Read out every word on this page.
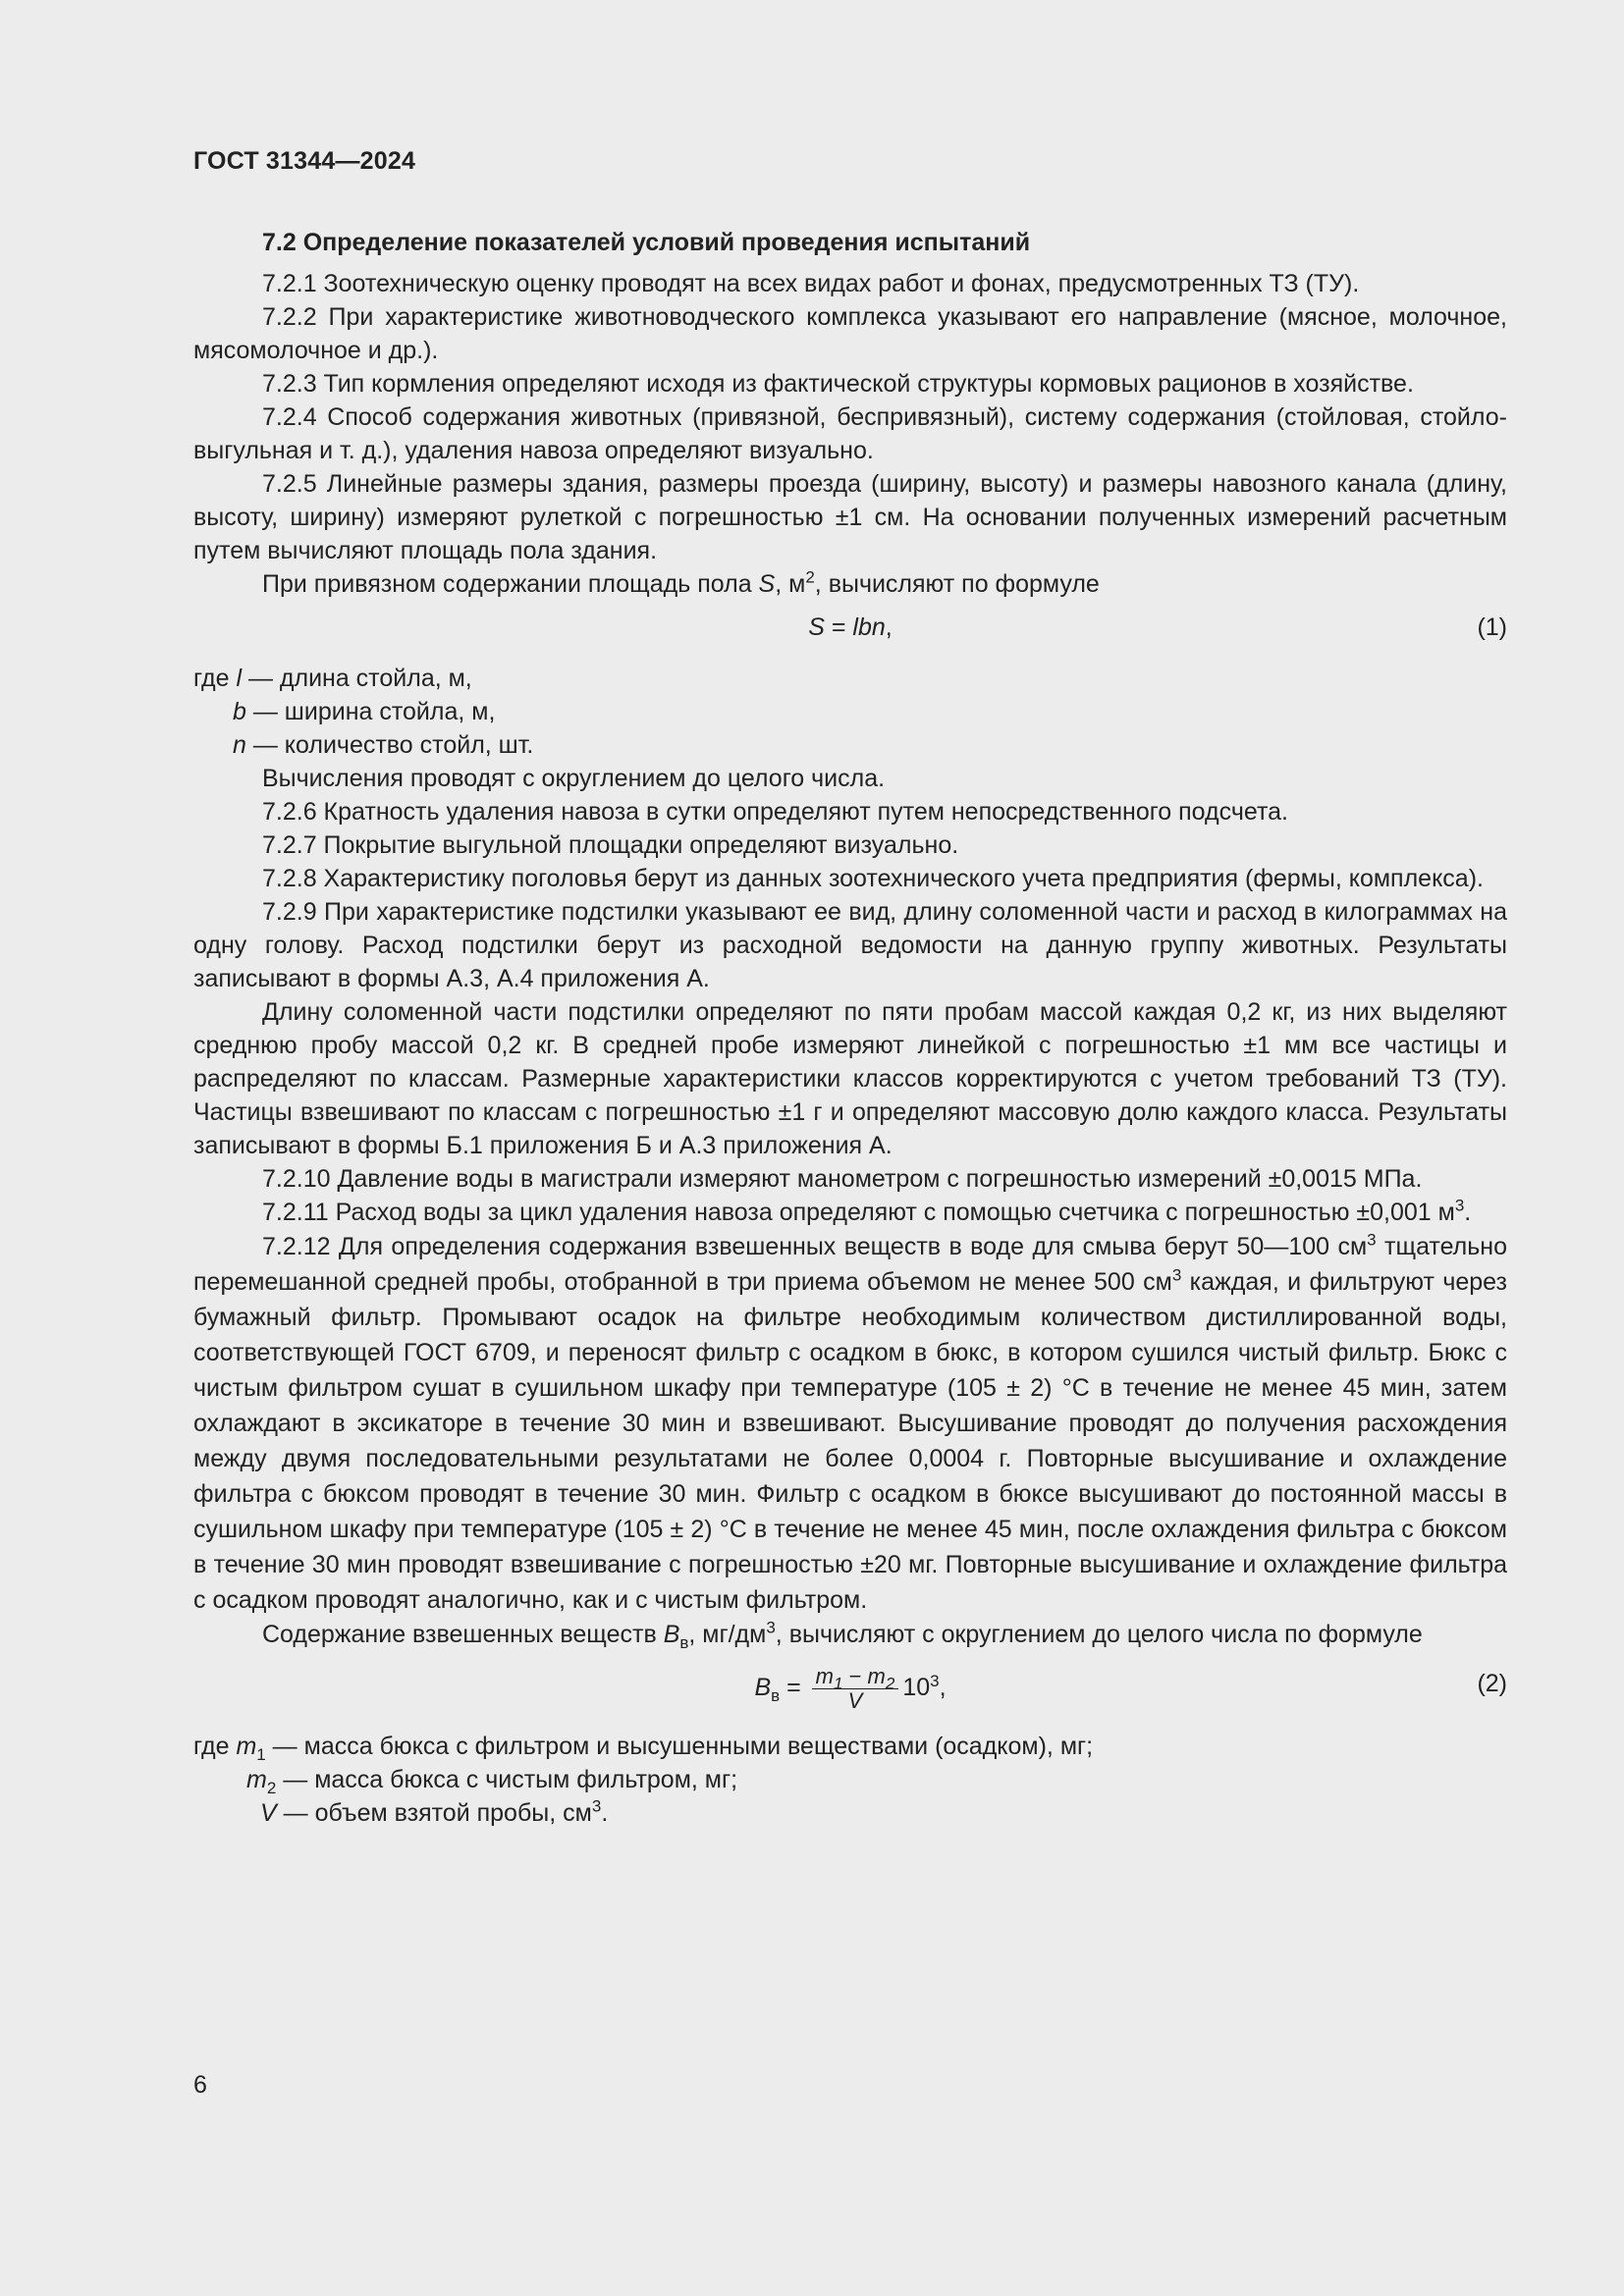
ГОСТ 31344—2024
7.2 Определение показателей условий проведения испытаний

7.2.1 Зоотехническую оценку проводят на всех видах работ и фонах, предусмотренных ТЗ (ТУ).

7.2.2 При характеристике животноводческого комплекса указывают его направление (мясное, молочное, мясомолочное и др.).

7.2.3 Тип кормления определяют исходя из фактической структуры кормовых рационов в хозяйстве.

7.2.4 Способ содержания животных (привязной, беспривязный), систему содержания (стойловая, стойло-выгульная и т. д.), удаления навоза определяют визуально.

7.2.5 Линейные размеры здания, размеры проезда (ширину, высоту) и размеры навозного канала (длину, высоту, ширину) измеряют рулеткой с погрешностью ±1 см. На основании полученных измерений расчетным путем вычисляют площадь пола здания.

При привязном содержании площадь пола S, $м^2$, вычисляют по формуле

S = lbn,	(1)
где l — длина стойла, м,
b — ширина стойла, м,
n — количество стойл, шт.

Вычисления проводят с округлением до целого числа.

7.2.6 Кратность удаления навоза в сутки определяют путем непосредственного подсчета.

7.2.7 Покрытие выгульной площадки определяют визуально.

7.2.8 Характеристику поголовья берут из данных зоотехнического учета предприятия (фермы, комплекса).

7.2.9 При характеристике подстилки указывают ее вид, длину соломенной части и расход в килограммах на одну голову. Расход подстилки берут из расходной ведомости на данную группу животных. Результаты записывают в формы А.3, А.4 приложения А.

Длину соломенной части подстилки определяют по пяти пробам массой каждая 0,2 кг, из них выделяют среднюю пробу массой 0,2 кг. В средней пробе измеряют линейкой с погрешностью ±1 мм все частицы и распределяют по классам. Размерные характеристики классов корректируются с учетом требований ТЗ (ТУ). Частицы взвешивают по классам с погрешностью ±1 г и определяют массовую долю каждого класса. Результаты записывают в формы Б.1 приложения Б и А.3 приложения А.

7.2.10 Давление воды в магистрали измеряют манометром с погрешностью измерений ±0,0015 МПа.

7.2.11 Расход воды за цикл удаления навоза определяют с помощью счетчика с погрешностью ±0,001 $м^3$.

7.2.12 Для определения содержания взвешенных веществ в воде для смыва берут 50—100 $см^3$ тщательно перемешанной средней пробы, отобранной в три приема объемом не менее 500 $см^3$ каждая, и фильтруют через бумажный фильтр. Промывают осадок на фильтре необходимым количеством дистиллированной воды, соответствующей ГОСТ 6709, и переносят фильтр с осадком в бюкс, в котором сушился чистый фильтр. Бюкс с чистым фильтром сушат в сушильном шкафу при температуре (105 ± 2) °С в течение не менее 45 мин, затем охлаждают в эксикаторе в течение 30 мин и взвешивают. Высушивание проводят до получения расхождения между двумя последовательными результатами не более 0,0004 г. Повторные высушивание и охлаждение фильтра с бюксом проводят в течение 30 мин. Фильтр с осадком в бюксе высушивают до постоянной массы в сушильном шкафу при температуре (105 ± 2) °С в течение не менее 45 мин, после охлаждения фильтра с бюксом в течение 30 мин проводят взвешивание с погрешностью ±20 мг. Повторные высушивание и охлаждение фильтра с осадком проводят аналогично, как и с чистым фильтром.

Содержание взвешенных веществ $B_в$, $мг/дм^3$, вычисляют с округлением до целого числа по формуле

$B_в = \frac{m_1 - m_2}{V} 10^3$,	(2)
где $m_1$ — масса бюкса с фильтром и высушенными веществами (осадком), мг;
$m_2$ — масса бюкса с чистым фильтром, мг;
V — объем взятой пробы, $см^3$.
6
